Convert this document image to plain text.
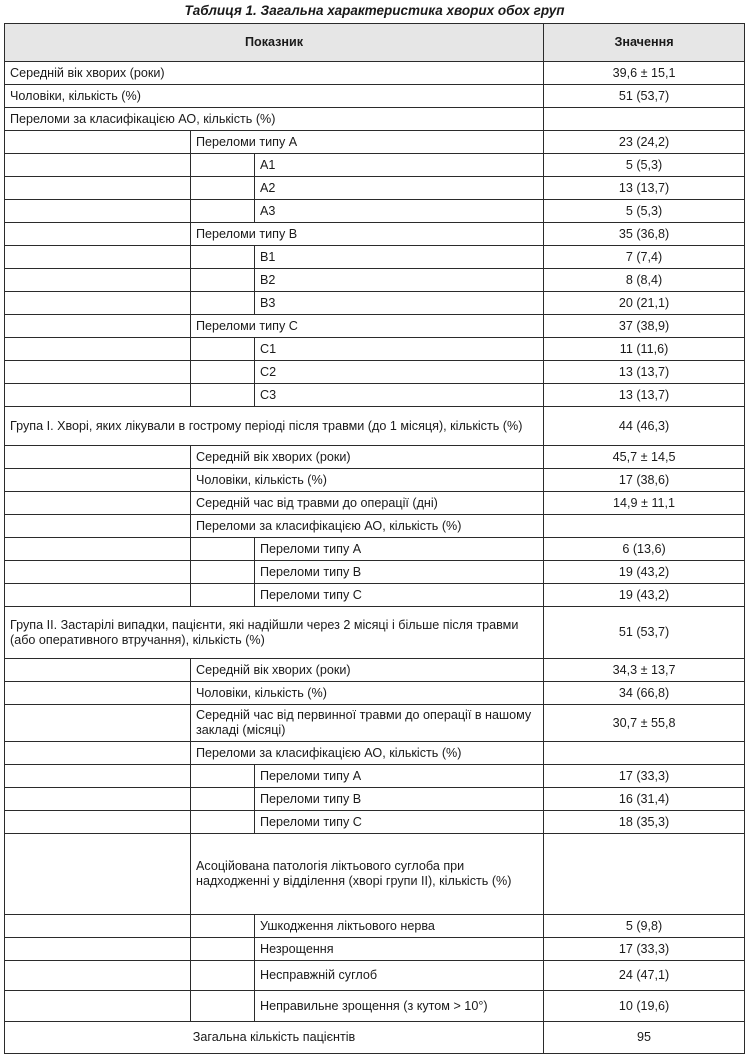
Таблиця 1. Загальна характеристика хворих обох груп
Показник			Значення
Середній вік хворих (роки)			39,6 ± 15,1
Чоловіки, кількість (%)			51 (53,7)
Переломи за класифікацією АО, кількість (%)			
	Переломи типу А		23 (24,2)
		А1	5 (5,3)
		А2	13 (13,7)
		А3	5 (5,3)
	Переломи типу В		35 (36,8)
		В1	7 (7,4)
		В2	8 (8,4)
		В3	20 (21,1)
	Переломи типу С		37 (38,9)
		С1	11 (11,6)
		С2	13 (13,7)
		С3	13 (13,7)
Група І. Хворі, яких лікували в гострому періоді після травми (до 1 місяця), кількість (%)			44 (46,3)
	Середній вік хворих (роки)		45,7 ± 14,5
	Чоловіки, кількість (%)		17 (38,6)
	Середній час від травми до операції (дні)		14,9 ± 11,1
	Переломи за класифікацією АО, кількість (%)		
		Переломи типу А	6 (13,6)
		Переломи типу В	19 (43,2)
		Переломи типу С	19 (43,2)
Група ІІ. Застарілі випадки, пацієнти, які надійшли через 2 місяці і більше після травми (або оперативного втручання), кількість (%)			51 (53,7)
	Середній вік хворих (роки)		34,3 ± 13,7
	Чоловіки, кількість (%)		34 (66,8)
	Середній час від первинної травми до операції в нашому закладі (місяці)		30,7 ± 55,8
	Переломи за класифікацією АО, кількість (%)		
		Переломи типу А	17 (33,3)
		Переломи типу В	16 (31,4)
		Переломи типу С	18 (35,3)
	Асоційована патологія ліктьового суглоба при надходженні у відділення (хворі групи ІІ), кількість (%)		
		Ушкодження ліктьового нерва	5 (9,8)
		Незрощення	17 (33,3)
		Несправжній суглоб	24 (47,1)
		Неправильне зрощення (з кутом > 10°)	10 (19,6)
Загальна кількість пацієнтів			95
